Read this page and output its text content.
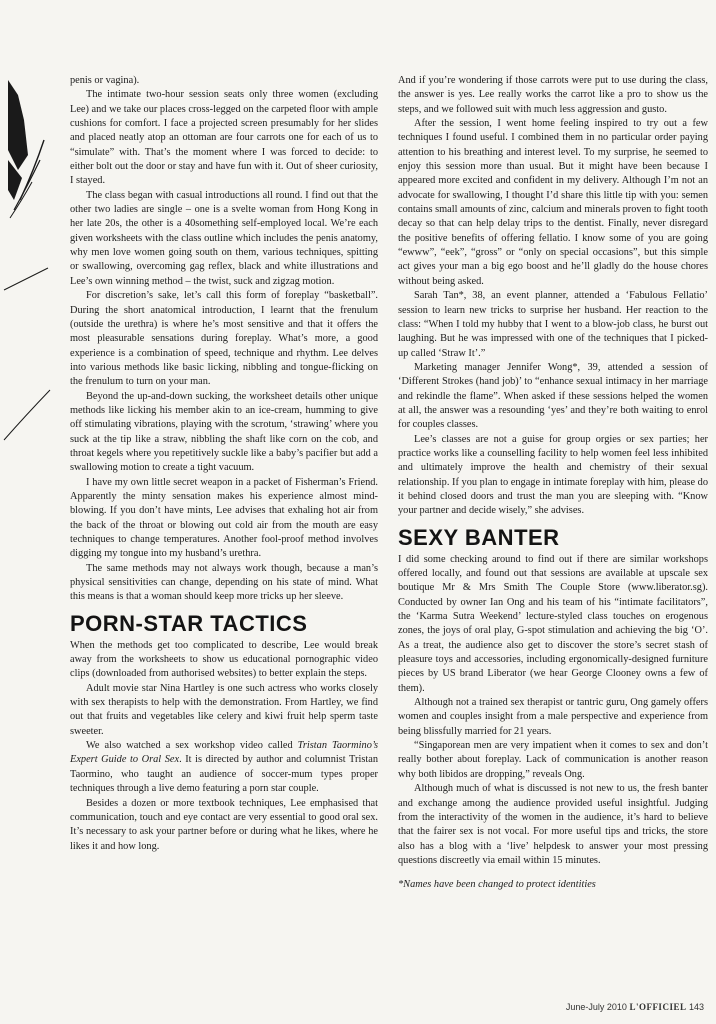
penis or vagina).

The intimate two-hour session seats only three women (excluding Lee) and we take our places cross-legged on the carpeted floor with ample cushions for comfort. I face a projected screen presumably for her slides and placed neatly atop an ottoman are four carrots one for each of us to “simulate” with. That’s the moment where I was forced to decide: to either bolt out the door or stay and have fun with it. Out of sheer curiosity, I stayed.

The class began with casual introductions all round. I find out that the other two ladies are single – one is a svelte woman from Hong Kong in her late 20s, the other is a 40something self-employed local. We’re each given worksheets with the class outline which includes the penis anatomy, why men love women going south on them, various techniques, spitting or swallowing, overcoming gag reflex, black and white illustrations and Lee’s own winning method – the twist, suck and zigzag motion.

For discretion’s sake, let’s call this form of foreplay “basketball”. During the short anatomical introduction, I learnt that the frenulum (outside the urethra) is where he’s most sensitive and that it offers the most pleasurable sensations during foreplay. What’s more, a good experience is a combination of speed, technique and rhythm. Lee delves into various methods like basic licking, nibbling and tongue-flicking on the frenulum to turn on your man.

Beyond the up-and-down sucking, the worksheet details other unique methods like licking his member akin to an ice-cream, humming to give off stimulating vibrations, playing with the scrotum, ‘strawing’ where you suck at the tip like a straw, nibbling the shaft like corn on the cob, and throat kegels where you repetitively suckle like a baby’s pacifier but add a swallowing motion to create a tight vacuum.

I have my own little secret weapon in a packet of Fisherman’s Friend. Apparently the minty sensation makes his experience almost mind-blowing. If you don’t have mints, Lee advises that exhaling hot air from the back of the throat or blowing out cold air from the mouth are easy techniques to change temperatures. Another fool-proof method involves digging my tongue into my husband’s urethra.

The same methods may not always work though, because a man’s physical sensitivities can change, depending on his state of mind. What this means is that a woman should keep more tricks up her sleeve.

PORN-STAR TACTICS

When the methods get too complicated to describe, Lee would break away from the worksheets to show us educational pornographic video clips (downloaded from authorised websites) to better explain the steps.

Adult movie star Nina Hartley is one such actress who works closely with sex therapists to help with the demonstration. From Hartley, we find out that fruits and vegetables like celery and kiwi fruit help sperm taste sweeter.

We also watched a sex workshop video called Tristan Taormino’s Expert Guide to Oral Sex. It is directed by author and columnist Tristan Taormino, who taught an audience of soccer-mum types proper techniques through a live demo featuring a porn star couple.

Besides a dozen or more textbook techniques, Lee emphasised that communication, touch and eye contact are very essential to good oral sex. It’s necessary to ask your partner before or during what he likes, where he likes it and how long.

And if you’re wondering if those carrots were put to use during the class, the answer is yes. Lee really works the carrot like a pro to show us the steps, and we followed suit with much less aggression and gusto.

After the session, I went home feeling inspired to try out a few techniques I found useful. I combined them in no particular order paying attention to his breathing and interest level. To my surprise, he seemed to enjoy this session more than usual. But it might have been because I appeared more excited and confident in my delivery. Although I’m not an advocate for swallowing, I thought I’d share this little tip with you: semen contains small amounts of zinc, calcium and minerals proven to fight tooth decay so that can help delay trips to the dentist. Finally, never disregard the positive benefits of offering fellatio. I know some of you are going “ewww”, “eek”, “gross” or “only on special occasions”, but this simple act gives your man a big ego boost and he’ll gladly do the house chores without being asked.

Sarah Tan*, 38, an event planner, attended a ‘Fabulous Fellatio’ session to learn new tricks to surprise her husband. Her reaction to the class: “When I told my hubby that I went to a blow-job class, he burst out laughing. But he was impressed with one of the techniques that I picked-up called ‘Straw It’.”

Marketing manager Jennifer Wong*, 39, attended a session of ‘Different Strokes (hand job)’ to “enhance sexual intimacy in her marriage and rekindle the flame”. When asked if these sessions helped the women at all, the answer was a resounding ‘yes’ and they’re both waiting to enrol for couples classes.

Lee’s classes are not a guise for group orgies or sex parties; her practice works like a counselling facility to help women feel less inhibited and ultimately improve the health and chemistry of their sexual relationship. If you plan to engage in intimate foreplay with him, please do it behind closed doors and trust the man you are sleeping with. “Know your partner and decide wisely,” she advises.

SEXY BANTER

I did some checking around to find out if there are similar workshops offered locally, and found out that sessions are available at upscale sex boutique Mr & Mrs Smith The Couple Store (www.liberator.sg). Conducted by owner Ian Ong and his team of his “intimate facilitators”, the ‘Karma Sutra Weekend’ lecture-styled class touches on erogenous zones, the joys of oral play, G-spot stimulation and achieving the big ‘O’. As a treat, the audience also get to discover the store’s secret stash of pleasure toys and accessories, including ergonomically-designed furniture pieces by US brand Liberator (we hear George Clooney owns a few of them).

Although not a trained sex therapist or tantric guru, Ong gamely offers women and couples insight from a male perspective and experience from being blissfully married for 21 years.

“Singaporean men are very impatient when it comes to sex and don’t really bother about foreplay. Lack of communication is another reason why both libidos are dropping,” reveals Ong.

Although much of what is discussed is not new to us, the fresh banter and exchange among the audience provided useful insightful. Judging from the interactivity of the women in the audience, it’s hard to believe that the fairer sex is not vocal. For more useful tips and tricks, the store also has a blog with a ‘live’ helpdesk to answer your most pressing questions discreetly via email within 15 minutes.

*Names have been changed to protect identities

June-July 2010 L'OFFICIEL 143
